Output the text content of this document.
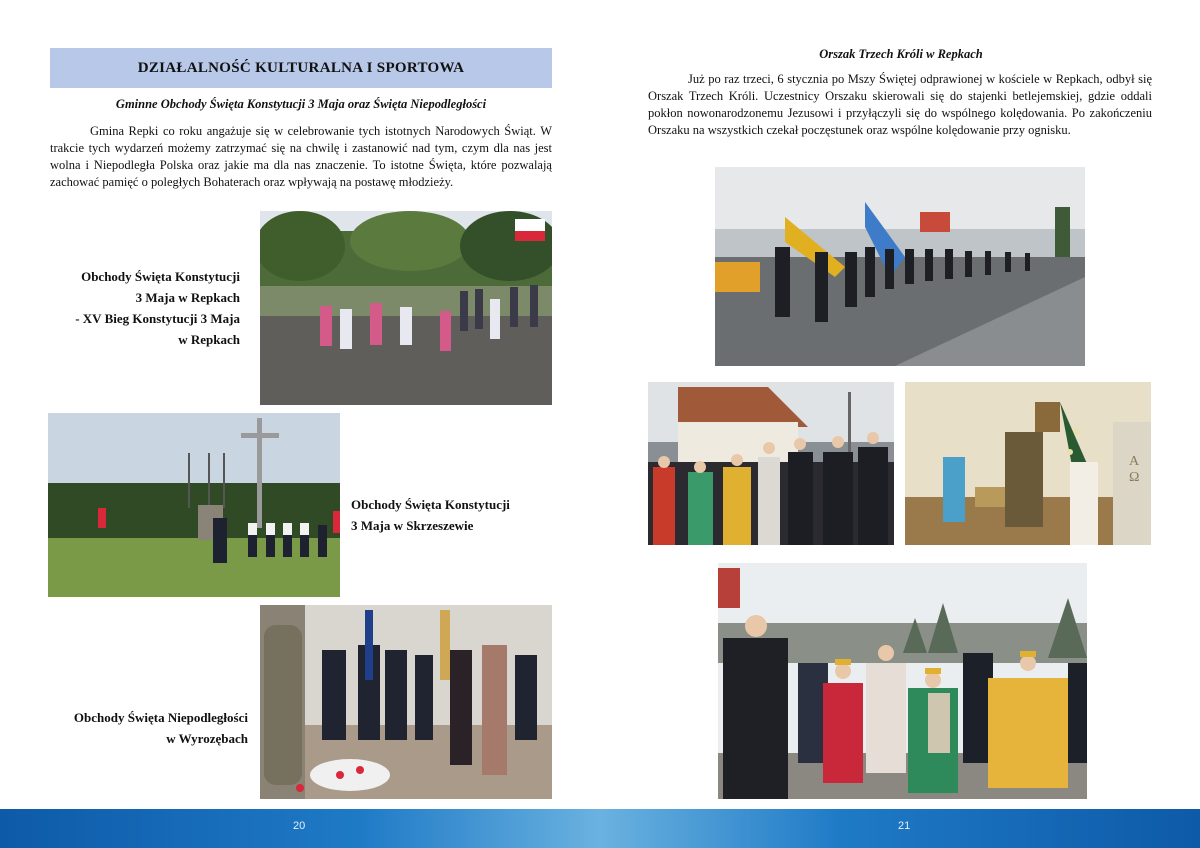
DZIAŁALNOŚĆ KULTURALNA I SPORTOWA
Gminne Obchody Święta Konstytucji 3 Maja oraz Święta Niepodległości

Gmina Repki co roku angażuje się w celebrowanie tych istotnych Narodowych Świąt. W trakcie tych wydarzeń możemy zatrzymać się na chwilę i zastanowić nad tym, czym dla nas jest wolna i Niepodległa Polska oraz jakie ma dla nas znaczenie. To istotne Święta, które pozwalają zachować pamięć o poległych Bohaterach oraz wpływają na postawę młodzieży.

Obchody Święta Konstytucji
3 Maja w Repkach
- XV Bieg Konstytucji 3 Maja
w Repkach
Obchody Święta Konstytucji
3 Maja w Skrzeszewie
Obchody Święta Niepodległości
w Wyrozębach
Orszak Trzech Króli w Repkach

Już po raz trzeci, 6 stycznia po Mszy Świętej odprawionej w kościele w Repkach, odbył się Orszak Trzech Króli. Uczestnicy Orszaku skierowali się do stajenki betlejemskiej, gdzie oddali pokłon nowonarodzonemu Jezusowi i przyłączyli się do wspólnego kolędowania. Po zakończeniu Orszaku na wszystkich czekał poczęstunek oraz wspólne kolędowanie przy ognisku.

A Ω
20	21
